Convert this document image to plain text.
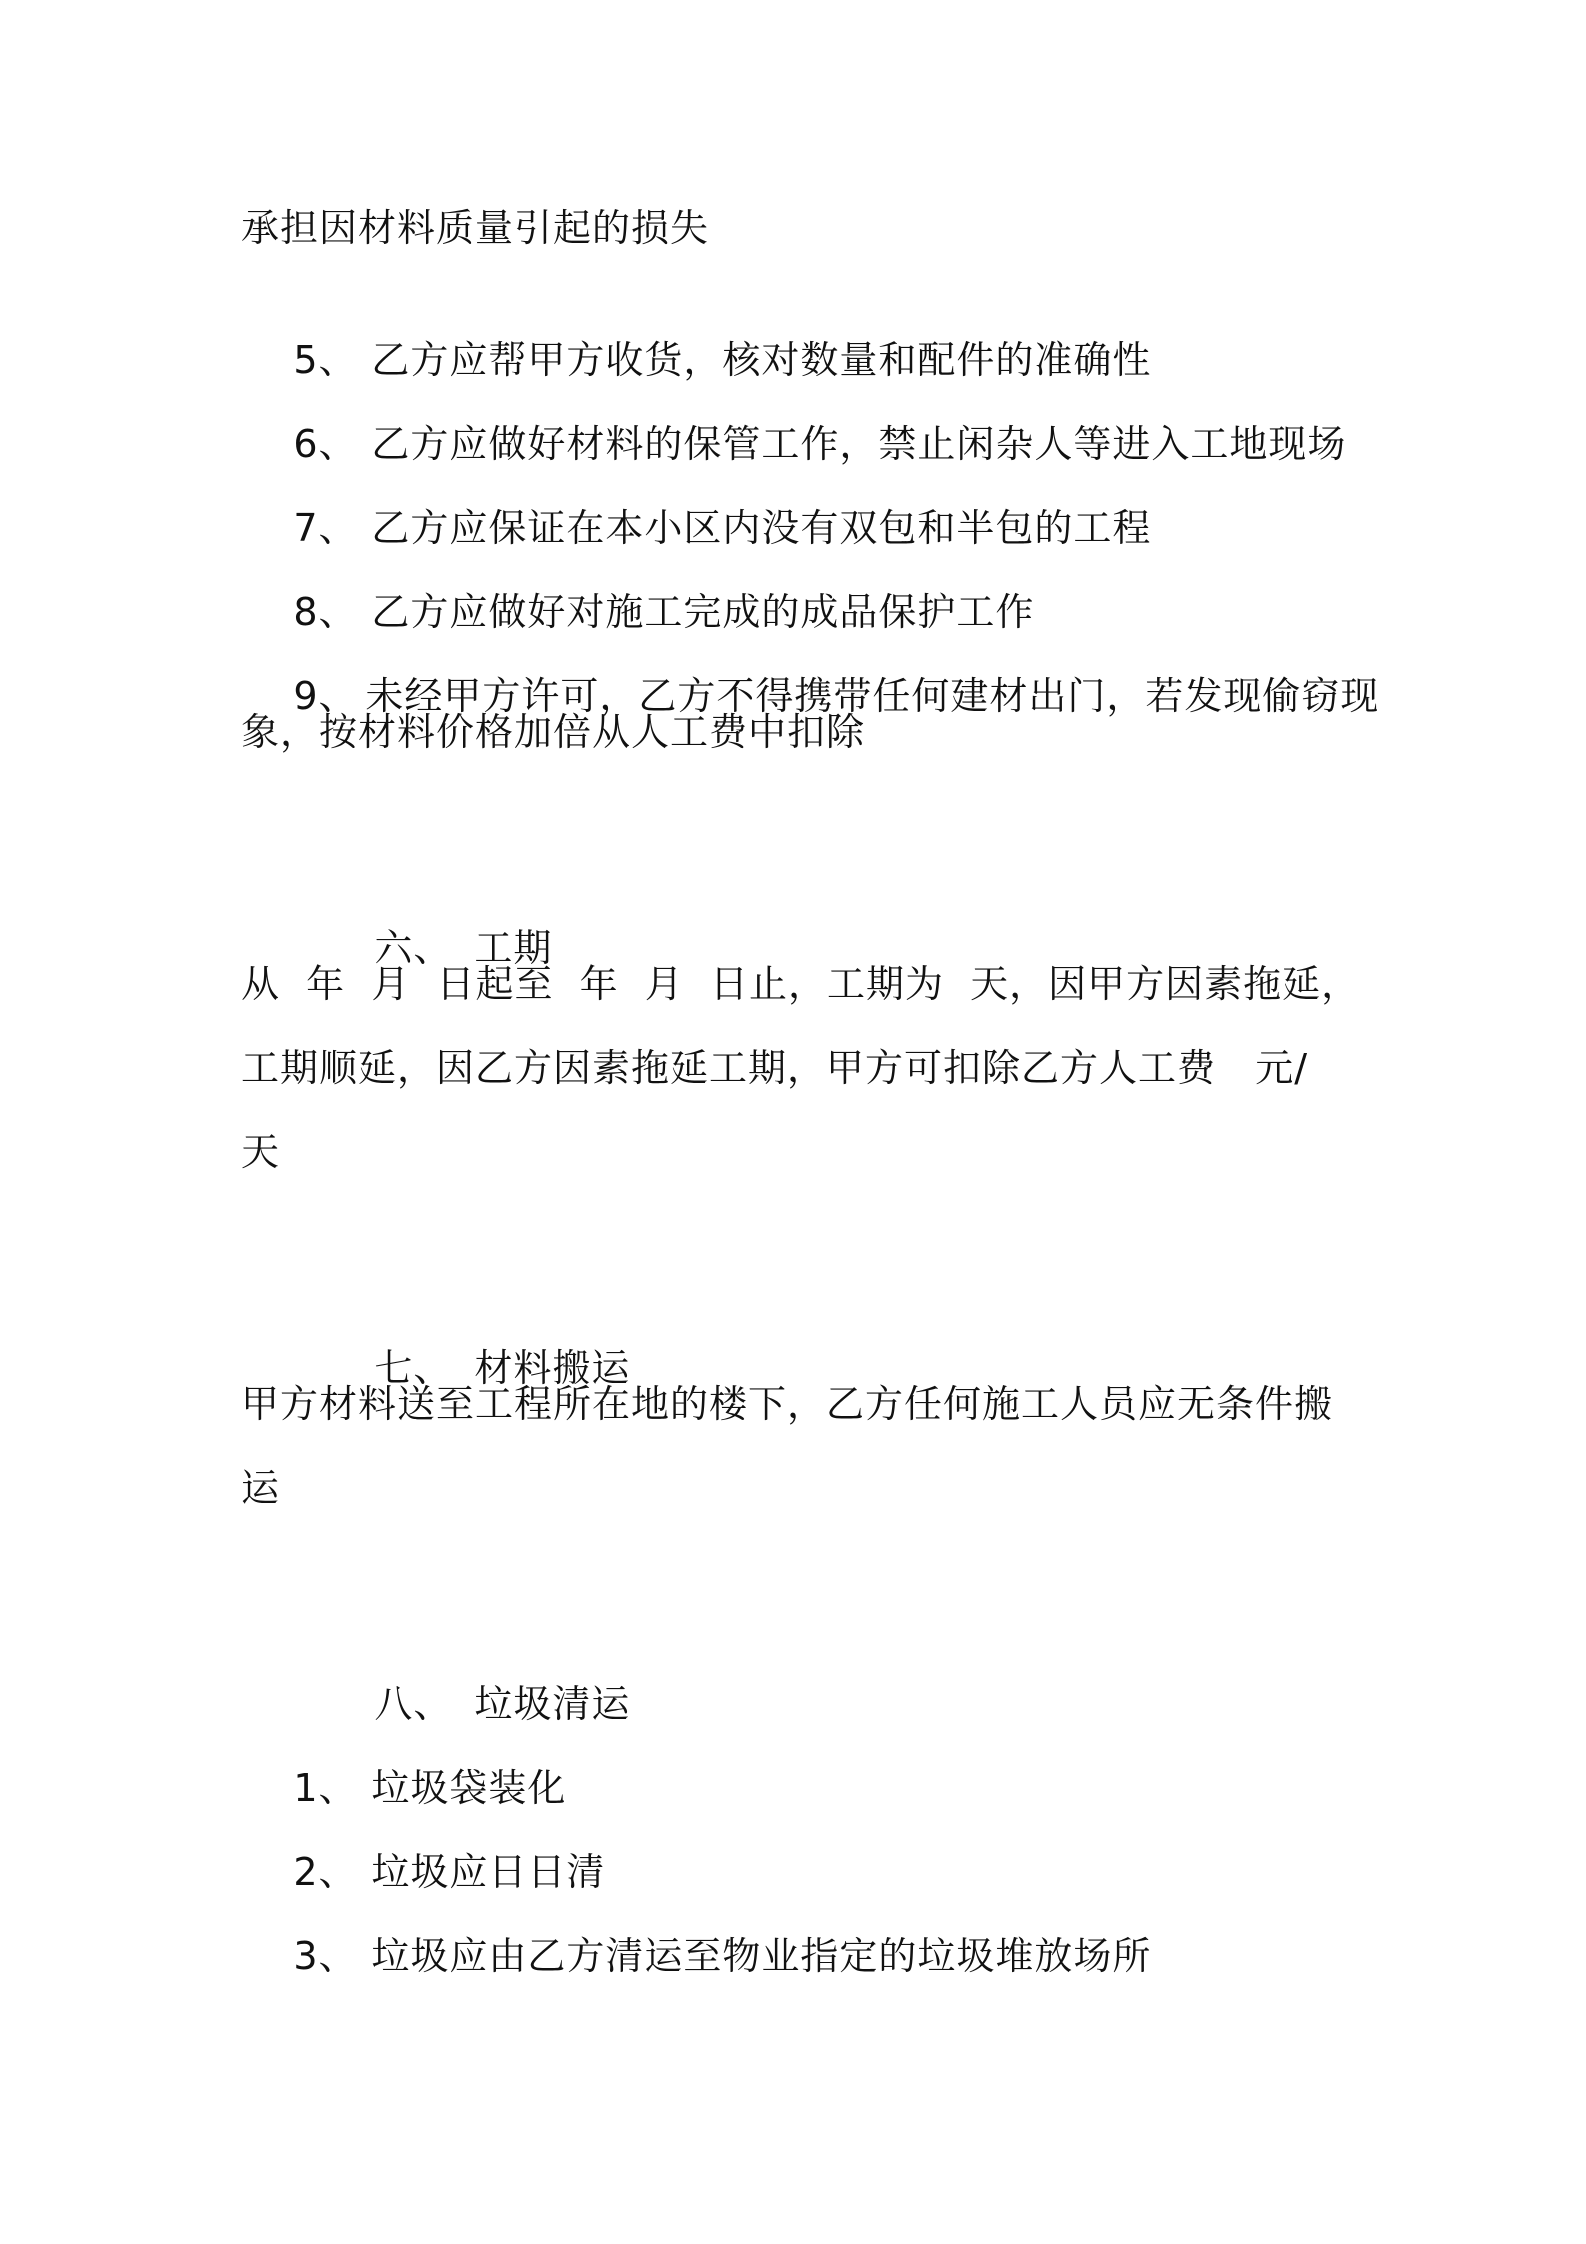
承担因材料质量引起的损失

5、 乙方应帮甲方收货，核对数量和配件的准确性

6、 乙方应做好材料的保管工作，禁止闲杂人等进入工地现场

7、 乙方应保证在本小区内没有双包和半包的工程

8、 乙方应做好对施工完成的成品保护工作

9、 未经甲方许可，乙方不得携带任何建材出门，若发现偷窃现

象，按材料价格加倍从人工费中扣除

六、 工期

从  年  月  日起至  年  月  日止，工期为  天，因甲方因素拖延，
工期顺延，因乙方因素拖延工期，甲方可扣除乙方人工费   元/
天

七、 材料搬运

甲方材料送至工程所在地的楼下，乙方任何施工人员应无条件搬
运

八、 垃圾清运

1、 垃圾袋装化

2、 垃圾应日日清

3、 垃圾应由乙方清运至物业指定的垃圾堆放场所
